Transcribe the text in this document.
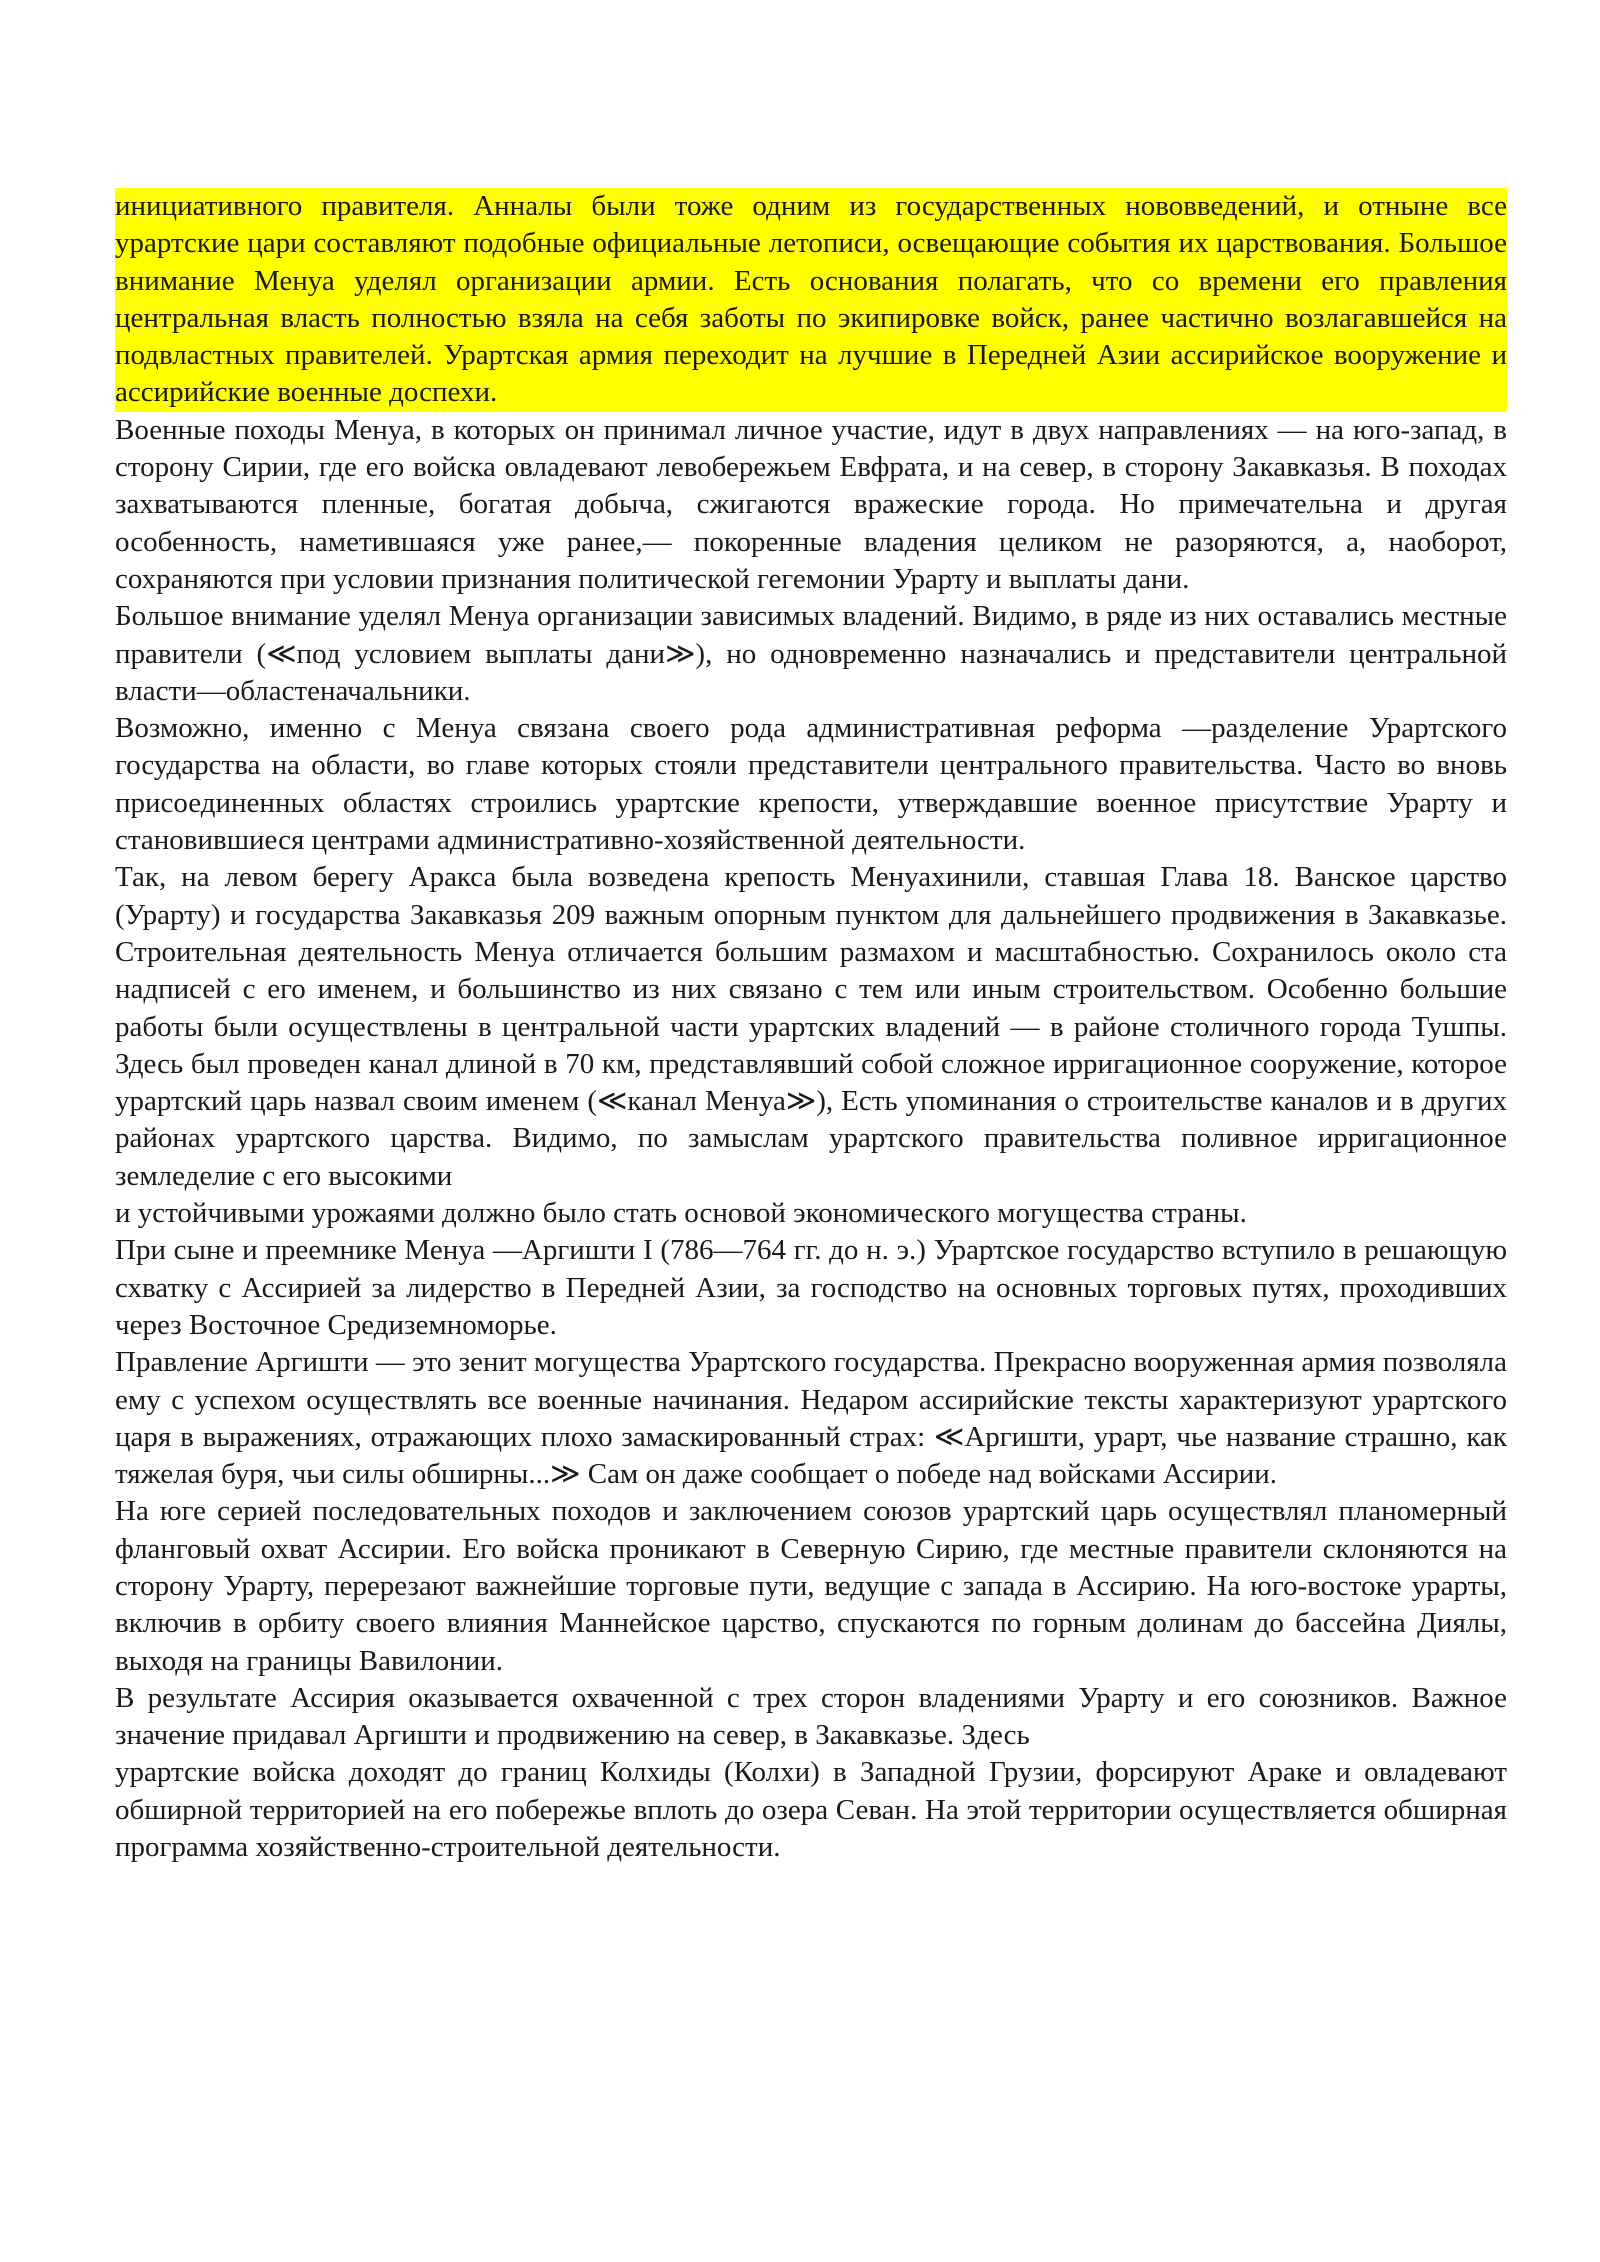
инициативного правителя. Анналы были тоже одним из государственных нововведений, и отныне все урартские цари составляют подобные официальные летописи, освещающие события их царствования. Большое внимание Менуа уделял организации армии. Есть основания полагать, что со времени его правления центральная власть полностью взяла на себя заботы по экипировке войск, ранее частично возлагавшейся на подвластных правителей. Урартская армия переходит на лучшие в Передней Азии ассирийское вооружение и ассирийские военные доспехи.

Военные походы Менуа, в которых он принимал личное участие, идут в двух направлениях — на юго-запад, в сторону Сирии, где его войска овладевают левобережьем Евфрата, и на север, в сторону Закавказья. В походах захватываются пленные, богатая добыча, сжигаются вражеские города. Но примечательна и другая особенность, наметившаяся уже ранее,— покоренные владения целиком не разоряются, а, наоборот, сохраняются при условии признания политической гегемонии Урарту и выплаты дани.

Большое внимание уделял Менуа организации зависимых владений. Видимо, в ряде из них оставались местные правители (≪под условием выплаты дани≫), но одновременно назначались и представители центральной власти—областеначальники.

Возможно, именно с Менуа связана своего рода административная реформа —разделение Урартского государства на области, во главе которых стояли представители центрального правительства. Часто во вновь присоединенных областях строились урартские крепости, утверждавшие военное присутствие Урарту и становившиеся центрами административно-хозяйственной деятельности.

Так, на левом берегу Аракса была возведена крепость Менуахинили, ставшая Глава 18. Ванское царство (Урарту) и государства Закавказья 209 важным опорным пунктом для дальнейшего продвижения в Закавказье. Строительная деятельность Менуа отличается большим размахом и масштабностью. Сохранилось около ста надписей с его именем, и большинство из них связано с тем или иным строительством. Особенно большие работы были осуществлены в центральной части урартских владений — в районе столичного города Тушпы. Здесь был проведен канал длиной в 70 км, представлявший собой сложное ирригационное сооружение, которое урартский царь назвал своим именем (≪канал Менуа≫), Есть упоминания о строительстве каналов и в других районах урартского царства. Видимо, по замыслам урартского правительства поливное ирригационное земледелие с его высокими

и устойчивыми урожаями должно было стать основой экономического могущества страны.

При сыне и преемнике Менуа —Аргишти I (786—764 гг. до н. э.) Урартское государство вступило в решающую схватку с Ассирией за лидерство в Передней Азии, за господство на основных торговых путях, проходивших через Восточное Средиземноморье.

Правление Аргишти — это зенит могущества Урартского государства. Прекрасно вооруженная армия позволяла ему с успехом осуществлять все военные начинания. Недаром ассирийские тексты характеризуют урартского царя в выражениях, отражающих плохо замаскированный страх: ≪Аргишти, урарт, чье название страшно, как тяжелая буря, чьи силы обширны...≫ Сам он даже сообщает о победе над войсками Ассирии.

На юге серией последовательных походов и заключением союзов урартский царь осуществлял планомерный фланговый охват Ассирии. Его войска проникают в Северную Сирию, где местные правители склоняются на сторону Урарту, перерезают важнейшие торговые пути, ведущие с запада в Ассирию. На юго-востоке урарты, включив в орбиту своего влияния Маннейское царство, спускаются по горным долинам до бассейна Диялы, выходя на границы Вавилонии.

В результате Ассирия оказывается охваченной с трех сторон владениями Урарту и его союзников. Важное значение придавал Аргишти и продвижению на север, в Закавказье. Здесь

урартские войска доходят до границ Колхиды (Колхи) в Западной Грузии, форсируют Араке и овладевают обширной территорией на его побережье вплоть до озера Севан. На этой территории осуществляется обширная программа хозяйственно-строительной деятельности.
